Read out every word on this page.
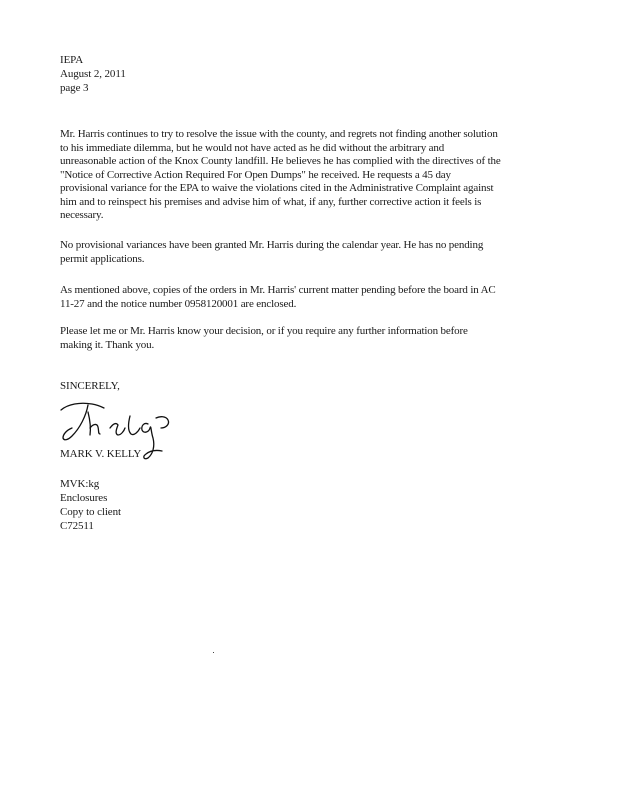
IEPA
August 2, 2011
page 3
Mr. Harris continues to try to resolve the issue with the county, and regrets not finding another solution
to his immediate dilemma, but he would not have acted as he did without the arbitrary and
unreasonable action of the Knox County landfill. He believes he has complied with the directives of the
"Notice of Corrective Action Required For Open Dumps" he received. He requests a 45 day
provisional variance for the EPA to waive the violations cited in the Administrative Complaint against
him and to reinspect his premises and advise him of what, if any, further corrective action it feels is
necessary.
No provisional variances have been granted Mr. Harris during the calendar year. He has no pending
permit applications.
As mentioned above, copies of the orders in Mr. Harris' current matter pending before the board in AC
11-27 and the notice number 0958120001 are enclosed.
Please let me or Mr. Harris know your decision, or if you require any further information before
making it. Thank you.
SINCERELY,
MARK V. KELLY
MVK:kg
Enclosures
Copy to client
C72511
